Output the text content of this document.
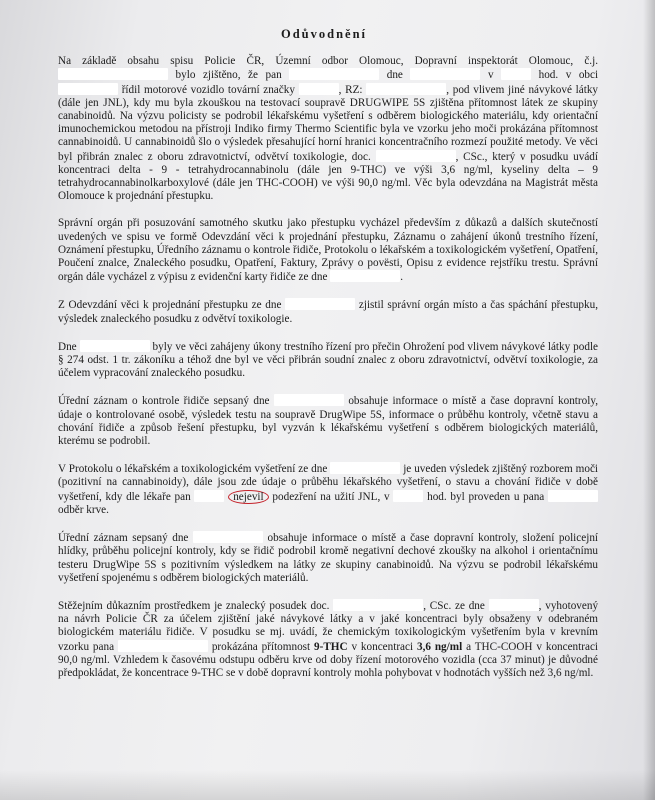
Odůvodnění

Na základě obsahu spisu Policie ČR, Územní odbor Olomouc, Dopravní inspektorát Olomouc, č.j.  bylo zjištěno, že pan	dne	v	hod. v obci  řídil motorové vozidlo tovární značky	, RZ:	, pod vlivem jiné návykové látky (dále jen JNL), kdy mu byla zkouškou na testovací soupravě DRUGWIPE 5S zjištěna přítomnost látek ze skupiny canabinoidů. Na výzvu policisty se podrobil lékařskému vyšetření s odběrem biologického materiálu, kdy orientační imunochemickou metodou na přístroji Indiko firmy Thermo Scientific byla ve vzorku jeho moči prokázána přítomnost cannabinoidů. U cannabinoidů šlo o výsledek přesahující horní hranici koncentračního rozmezí použité metody. Ve věci byl přibrán znalec z oboru zdravotnictví, odvětví toxikologie, doc.	, CSc., který v posudku uvádí koncentraci delta - 9 - tetrahydrocannabinolu (dále jen 9-THC) ve výši 3,6 ng/ml, kyseliny delta – 9 tetrahydrocannabinolkarboxylové (dále jen THC-COOH) ve výši 90,0 ng/ml. Věc byla odevzdána na Magistrát města Olomouce k projednání přestupku.

Správní orgán při posuzování samotného skutku jako přestupku vycházel především z důkazů a dalších skutečností uvedených ve spisu ve formě Odevzdání věci k projednání přestupku, Záznamu o zahájení úkonů trestního řízení, Oznámení přestupku, Úředního záznamu o kontrole řidiče, Protokolu o lékařském a toxikologickém vyšetření, Opatření, Poučení znalce, Znaleckého posudku, Opatření, Faktury, Zprávy o povësti, Opisu z evidence rejstříku trestu. Správní orgán dále vycházel z výpisu z evidenční karty řidiče ze dne	.

Z Odevzdání věci k projednání přestupku ze dne	zjistil správní orgán místo a čas spáchání přestupku, výsledek znaleckého posudku z odvětví toxikologie.

Dne	byly ve věci zahájeny úkony trestního řízení pro přečin Ohrožení pod vlivem návykové látky podle § 274 odst. 1 tr. zákoníku a téhož dne byl ve věci přibrán soudní znalec z oboru zdravotnictví, odvětví toxikologie, za účelem vypracování znaleckého posudku.

Úřední záznam o kontrole řidiče sepsaný dne	obsahuje informace o místě a čase dopravní kontroly, údaje o kontrolované osobě, výsledek testu na soupravě DrugWipe 5S, informace o průběhu kontroly, včetně stavu a chování řidiče a způsob řešení přestupku, byl vyzván k lékařskému vyšetření s odběrem biologických materiálů, kterému se podrobil.

V Protokolu o lékařském a toxikologickém vyšetření ze dne	je uveden výsledek zjištěný rozborem moči (pozitivní na cannabinoidy), dále jsou zde údaje o průběhu lékařského vyšetření, o stavu a chování řidiče v době vyšetření, kdy dle lékaře pan	nejevil podezření na užití JNL, v	hod. byl proveden u pana  odběr krve.

Úřední záznam sepsaný dne	obsahuje informace o místě a čase dopravní kontroly, složení policejní hlídky, průběhu policejní kontroly, kdy se řidič podrobil kromě negativní dechové zkoušky na alkohol i orientačnímu testeru DrugWipe 5S s pozitivním výsledkem na látky ze skupiny canabinoidů. Na výzvu se podrobil lékařskému vyšetření spojenému s odběrem biologických materiálů.

Stěžejním důkazním prostředkem je znalecký posudek doc.	, CSc. ze dne	, vyhotovený na návrh Policie ČR za účelem zjištění jaké návykové látky a v jaké koncentraci byly obsaženy v odebraném biologickém materiálu řidiče. V posudku se mj. uvádí, že chemickým toxikologickým vyšetřením byla v krevním vzorku pana	prokázána přítomnost 9-THC v koncentraci 3,6 ng/ml a THC-COOH v koncentraci 90,0 ng/ml. Vzhledem k časovému odstupu odběru krve od doby řízení motorového vozidla (cca 37 minut) je důvodné předpokládat, že koncentrace 9-THC se v době dopravní kontroly mohla pohybovat v hodnotách vyšších než 3,6 ng/ml.
